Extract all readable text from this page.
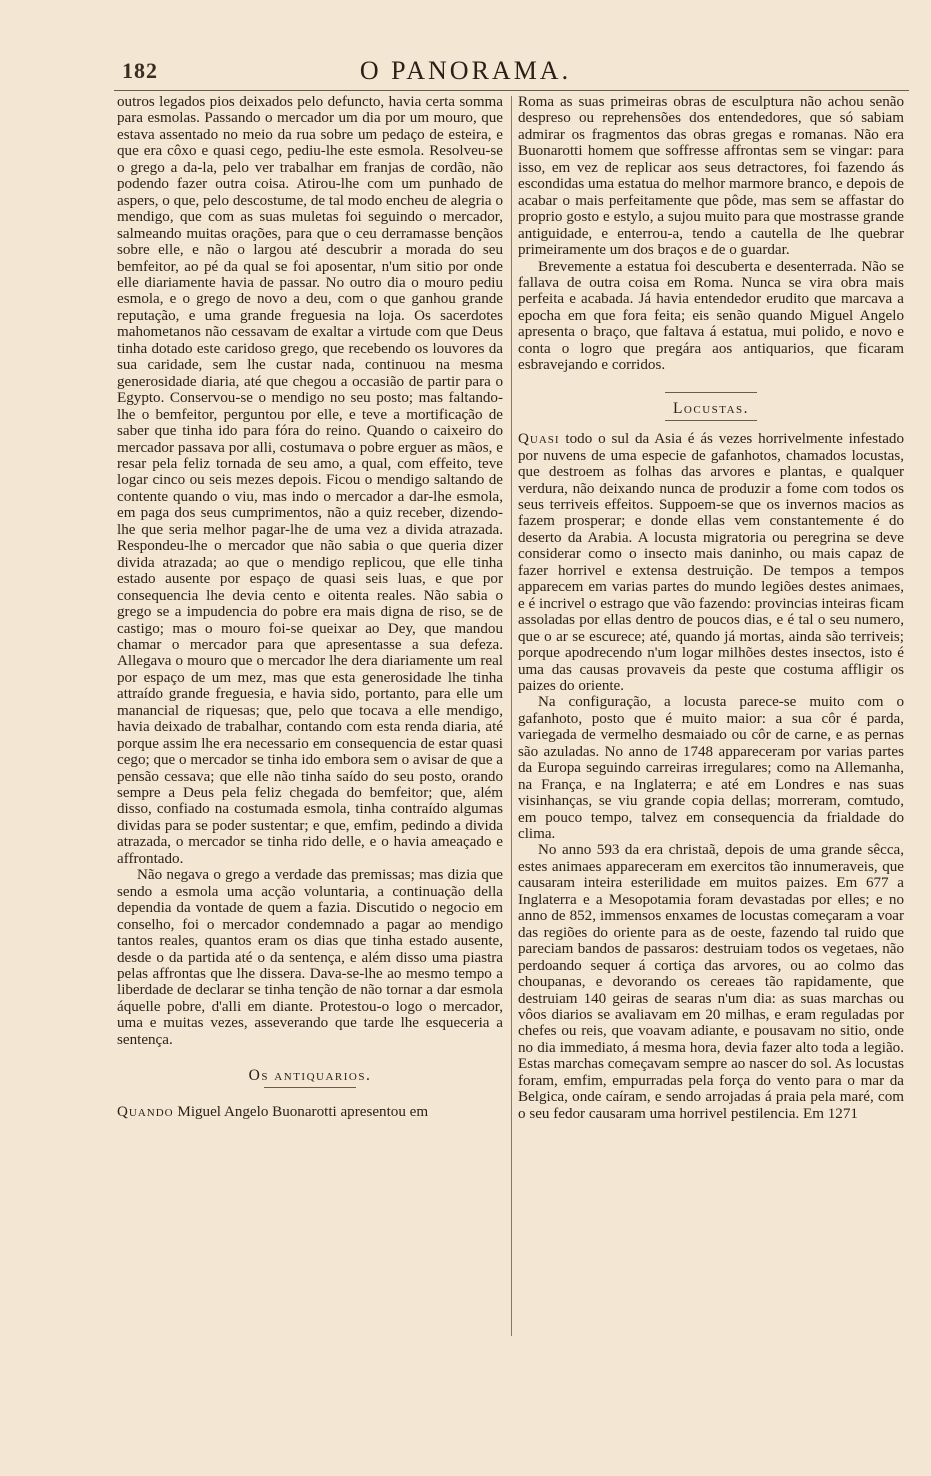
182	O PANORAMA.

outros legados pios deixados pelo defuncto, havia certa somma para esmolas. Passando o mercador um dia por um mouro, que estava assentado no meio da rua sobre um pedaço de esteira, e que era côxo e quasi cego, pediu-lhe este esmola. Resolveu-se o grego a da-la, pelo ver trabalhar em franjas de cordão, não podendo fazer outra coisa. Atirou-lhe com um punhado de aspers, o que, pelo descostume, de tal modo encheu de alegria o mendigo, que com as suas muletas foi seguindo o mercador, salmeando muitas orações, para que o ceu derramasse bençãos sobre elle, e não o largou até descubrir a morada do seu bemfeitor, ao pé da qual se foi aposentar, n'um sitio por onde elle diariamente havia de passar. No outro dia o mouro pediu esmola, e o grego de novo a deu, com o que ganhou grande reputação, e uma grande freguesia na loja. Os sacerdotes mahometanos não cessavam de exaltar a virtude com que Deus tinha dotado este caridoso grego, que recebendo os louvores da sua caridade, sem lhe custar nada, continuou na mesma generosidade diaria, até que chegou a occasião de partir para o Egypto. Conservou-se o mendigo no seu posto; mas faltando-lhe o bemfeitor, perguntou por elle, e teve a mortificação de saber que tinha ido para fóra do reino. Quando o caixeiro do mercador passava por alli, costumava o pobre erguer as mãos, e resar pela feliz tornada de seu amo, a qual, com effeito, teve logar cinco ou seis mezes depois. Ficou o mendigo saltando de contente quando o viu, mas indo o mercador a dar-lhe esmola, em paga dos seus cumprimentos, não a quiz receber, dizendo-lhe que seria melhor pagar-lhe de uma vez a divida atrazada. Respondeu-lhe o mercador que não sabia o que queria dizer divida atrazada; ao que o mendigo replicou, que elle tinha estado ausente por espaço de quasi seis luas, e que por consequencia lhe devia cento e oitenta reales. Não sabia o grego se a impudencia do pobre era mais digna de riso, se de castigo; mas o mouro foi-se queixar ao Dey, que mandou chamar o mercador para que apresentasse a sua defeza. Allegava o mouro que o mercador lhe dera diariamente um real por espaço de um mez, mas que esta generosidade lhe tinha attraído grande freguesia, e havia sido, portanto, para elle um manancial de riquesas; que, pelo que tocava a elle mendigo, havia deixado de trabalhar, contando com esta renda diaria, até porque assim lhe era necessario em consequencia de estar quasi cego; que o mercador se tinha ido embora sem o avisar de que a pensão cessava; que elle não tinha saído do seu posto, orando sempre a Deus pela feliz chegada do bemfeitor; que, além disso, confiado na costumada esmola, tinha contraído algumas dividas para se poder sustentar; e que, emfim, pedindo a divida atrazada, o mercador se tinha rido delle, e o havia ameaçado e affrontado.

Não negava o grego a verdade das premissas; mas dizia que sendo a esmola uma acção voluntaria, a continuação della dependia da vontade de quem a fazia. Discutido o negocio em conselho, foi o mercador condemnado a pagar ao mendigo tantos reales, quantos eram os dias que tinha estado ausente, desde o da partida até o da sentença, e além disso uma piastra pelas affrontas que lhe dissera. Dava-se-lhe ao mesmo tempo a liberdade de declarar se tinha tenção de não tornar a dar esmola áquelle pobre, d'alli em diante. Protestou-o logo o mercador, uma e muitas vezes, asseverando que tarde lhe esqueceria a sentença.

Os antiquarios.

Quando Miguel Angelo Buonarotti apresentou em

Roma as suas primeiras obras de esculptura não achou senão despreso ou reprehensões dos entendedores, que só sabiam admirar os fragmentos das obras gregas e romanas. Não era Buonarotti homem que soffresse affrontas sem se vingar: para isso, em vez de replicar aos seus detractores, foi fazendo ás escondidas uma estatua do melhor marmore branco, e depois de acabar o mais perfeitamente que pôde, mas sem se affastar do proprio gosto e estylo, a sujou muito para que mostrasse grande antiguidade, e enterrou-a, tendo a cautella de lhe quebrar primeiramente um dos braços e de o guardar.

Brevemente a estatua foi descuberta e desenterrada. Não se fallava de outra coisa em Roma. Nunca se vira obra mais perfeita e acabada. Já havia entendedor erudito que marcava a epocha em que fora feita; eis senão quando Miguel Angelo apresenta o braço, que faltava á estatua, mui polido, e novo e conta o logro que pregára aos antiquarios, que ficaram esbravejando e corridos.

Locustas.

Quasi todo o sul da Asia é ás vezes horrivelmente infestado por nuvens de uma especie de gafanhotos, chamados locustas, que destroem as folhas das arvores e plantas, e qualquer verdura, não deixando nunca de produzir a fome com todos os seus terriveis effeitos. Suppoem-se que os invernos macios as fazem prosperar; e donde ellas vem constantemente é do deserto da Arabia. A locusta migratoria ou peregrina se deve considerar como o insecto mais daninho, ou mais capaz de fazer horrivel e extensa destruição. De tempos a tempos apparecem em varias partes do mundo legiões destes animaes, e é incrivel o estrago que vão fazendo: provincias inteiras ficam assoladas por ellas dentro de poucos dias, e é tal o seu numero, que o ar se escurece; até, quando já mortas, ainda são terriveis; porque apodrecendo n'um logar milhões destes insectos, isto é uma das causas provaveis da peste que costuma affligir os paizes do oriente.

Na configuração, a locusta parece-se muito com o gafanhoto, posto que é muito maior: a sua côr é parda, variegada de vermelho desmaiado ou côr de carne, e as pernas são azuladas. No anno de 1748 appareceram por varias partes da Europa seguindo carreiras irregulares; como na Allemanha, na França, e na Inglaterra; e até em Londres e nas suas visinhanças, se viu grande copia dellas; morreram, comtudo, em pouco tempo, talvez em consequencia da frialdade do clima.

No anno 593 da era christaã, depois de uma grande sêcca, estes animaes appareceram em exercitos tão innumeraveis, que causaram inteira esterilidade em muitos paizes. Em 677 a Inglaterra e a Mesopotamia foram devastadas por elles; e no anno de 852, immensos enxames de locustas começaram a voar das regiões do oriente para as de oeste, fazendo tal ruido que pareciam bandos de passaros: destruiam todos os vegetaes, não perdoando sequer á cortiça das arvores, ou ao colmo das choupanas, e devorando os cereaes tão rapidamente, que destruiam 140 geiras de searas n'um dia: as suas marchas ou vôos diarios se avaliavam em 20 milhas, e eram reguladas por chefes ou reis, que voavam adiante, e pousavam no sitio, onde no dia immediato, á mesma hora, devia fazer alto toda a legião. Estas marchas começavam sempre ao nascer do sol. As locustas foram, emfim, empurradas pela força do vento para o mar da Belgica, onde caíram, e sendo arrojadas á praia pela maré, com o seu fedor causaram uma horrivel pestilencia. Em 1271
